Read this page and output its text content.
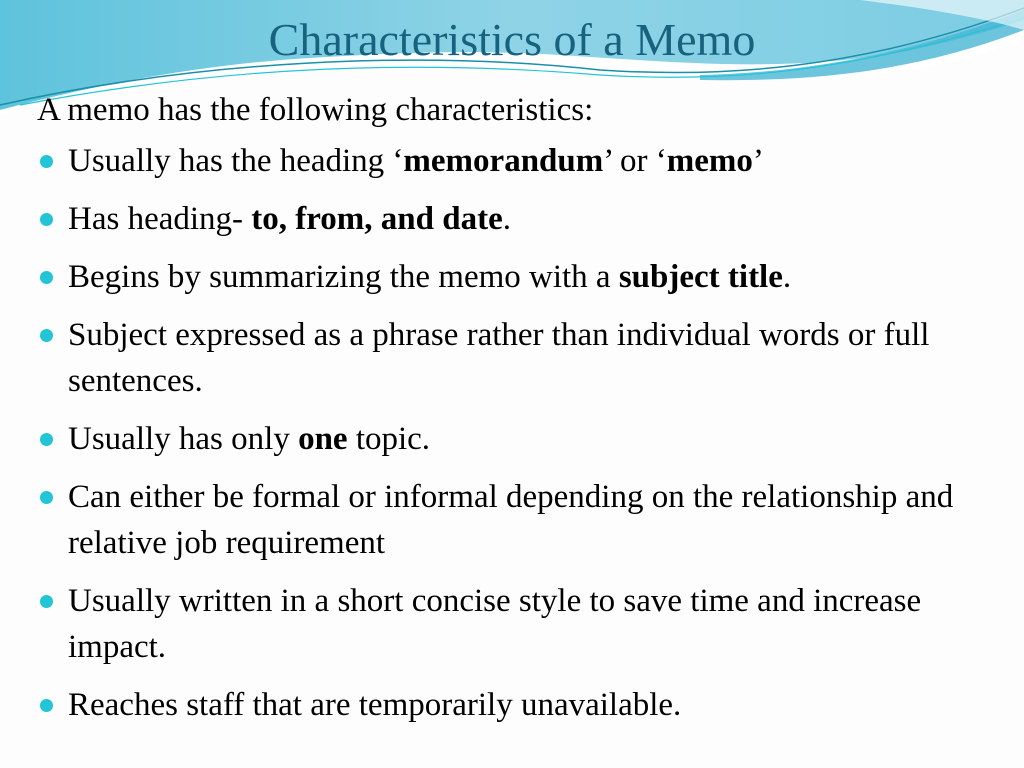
Characteristics of a Memo
A memo has the following characteristics:
Usually has the heading ‘memorandum’ or ‘memo’
Has heading- to, from, and date.
Begins by summarizing the memo with a subject title.
Subject expressed as a phrase rather than individual words or full sentences.
Usually has only one topic.
Can either be formal or informal depending on the relationship and relative job requirement
Usually written in a short concise style to save time and increase impact.
Reaches staff that are temporarily unavailable.
